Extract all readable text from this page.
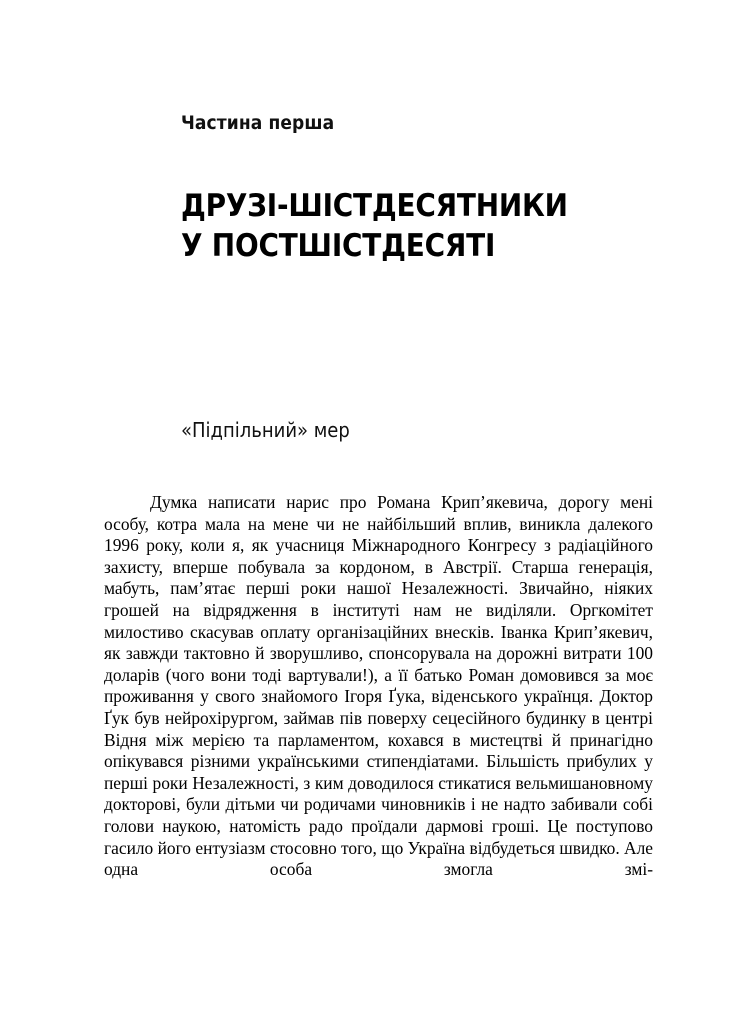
Частина перша
ДРУЗІ-ШІСТДЕСЯТНИКИ
У ПОСТШІСТДЕСЯТІ
«Підпільний» мер

Думка написати нарис про Романа Крип’якевича, дорогу мені особу, котра мала на мене чи не найбільший вплив, виникла далекого 1996 року, коли я, як учасниця Міжнародного Конгресу з радіаційного захисту, вперше побувала за кордоном, в Австрії. Старша генерація, мабуть, пам’ятає перші роки нашої Незалежності. Звичайно, ніяких грошей на відрядження в інституті нам не виділяли. Оргкомітет милостиво скасував оплату організаційних внесків. Іванка Крип’якевич, як завжди тактовно й зворушливо, спонсорувала на дорожні витрати 100 доларів (чого вони тоді вартували!), а її батько Роман домовився за моє проживання у свого знайомого Ігоря Ґука, віденського українця. Доктор Ґук був нейрохірургом, займав пів поверху сецесійного будинку в центрі Відня між мерією та парламентом, кохався в мистецтві й принагідно опікувався різними українськими стипендіатами. Більшість прибулих у перші роки Незалежності, з ким доводилося стикатися вельмишановному докторові, були дітьми чи родичами чиновників і не надто забивали собі голови наукою, натомість радо проїдали дармові гроші. Це поступово гасило його ентузіазм стосовно того, що Україна відбудеться швидко. Але одна особа змогла змі-
